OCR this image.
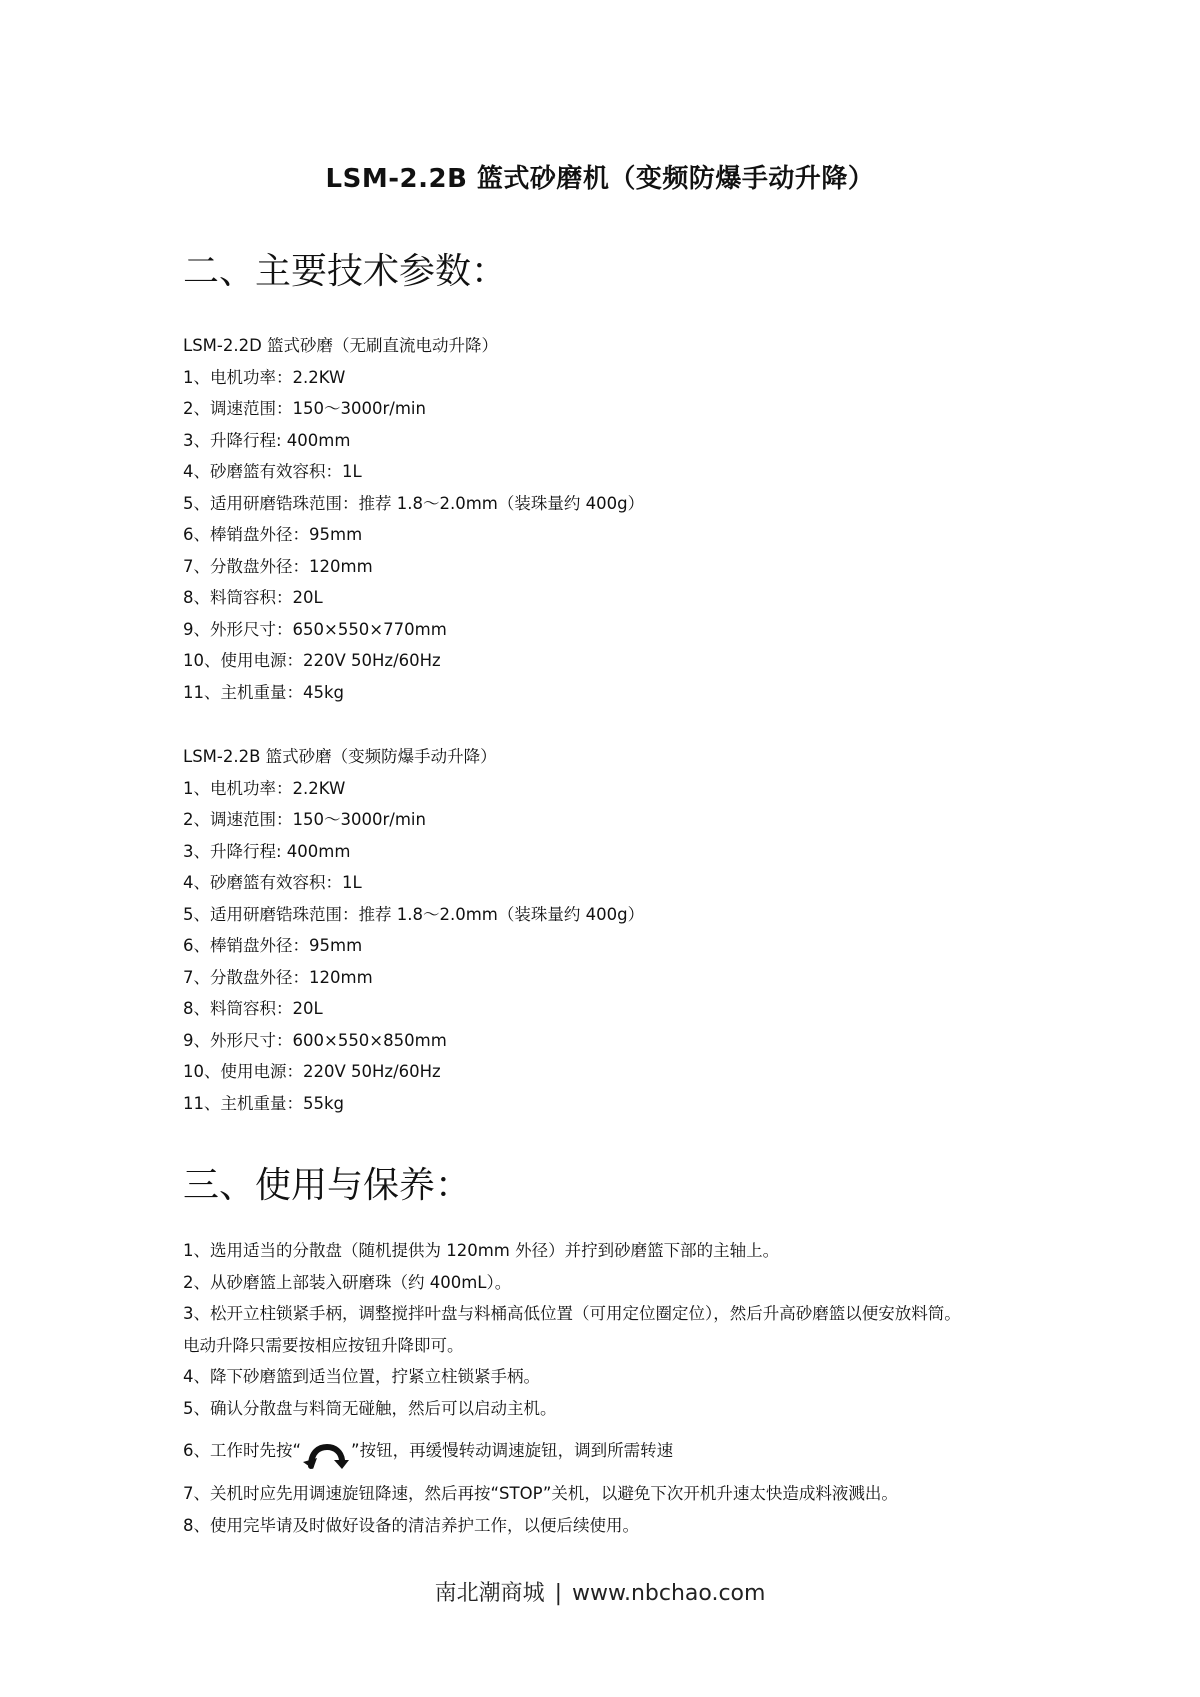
LSM-2.2B 篮式砂磨机（变频防爆手动升降）
二、主要技术参数：
LSM-2.2D 篮式砂磨（无刷直流电动升降）
1、电机功率：2.2KW
2、调速范围：150～3000r/min
3、升降行程: 400mm
4、砂磨篮有效容积：1L
5、适用研磨锆珠范围：推荐 1.8～2.0mm（装珠量约 400g）
6、棒销盘外径：95mm
7、分散盘外径：120mm
8、料筒容积：20L
9、外形尺寸：650×550×770mm
10、使用电源：220V 50Hz/60Hz
11、主机重量：45kg
LSM-2.2B 篮式砂磨（变频防爆手动升降）
1、电机功率：2.2KW
2、调速范围：150～3000r/min
3、升降行程: 400mm
4、砂磨篮有效容积：1L
5、适用研磨锆珠范围：推荐 1.8～2.0mm（装珠量约 400g）
6、棒销盘外径：95mm
7、分散盘外径：120mm
8、料筒容积：20L
9、外形尺寸：600×550×850mm
10、使用电源：220V 50Hz/60Hz
11、主机重量：55kg
三、使用与保养：
1、选用适当的分散盘（随机提供为 120mm 外径）并拧到砂磨篮下部的主轴上。
2、从砂磨篮上部装入研磨珠（约 400mL）。
3、松开立柱锁紧手柄，调整搅拌叶盘与料桶高低位置（可用定位圈定位），然后升高砂磨篮以便安放料筒。
电动升降只需要按相应按钮升降即可。
4、降下砂磨篮到适当位置，拧紧立柱锁紧手柄。
5、确认分散盘与料筒无碰触，然后可以启动主机。
6、工作时先按“	”按钮，再缓慢转动调速旋钮，调到所需转速
7、关机时应先用调速旋钮降速，然后再按“STOP”关机，以避免下次开机升速太快造成料液溅出。
8、使用完毕请及时做好设备的清洁养护工作，以便后续使用。
南北潮商城 | www.nbchao.com
